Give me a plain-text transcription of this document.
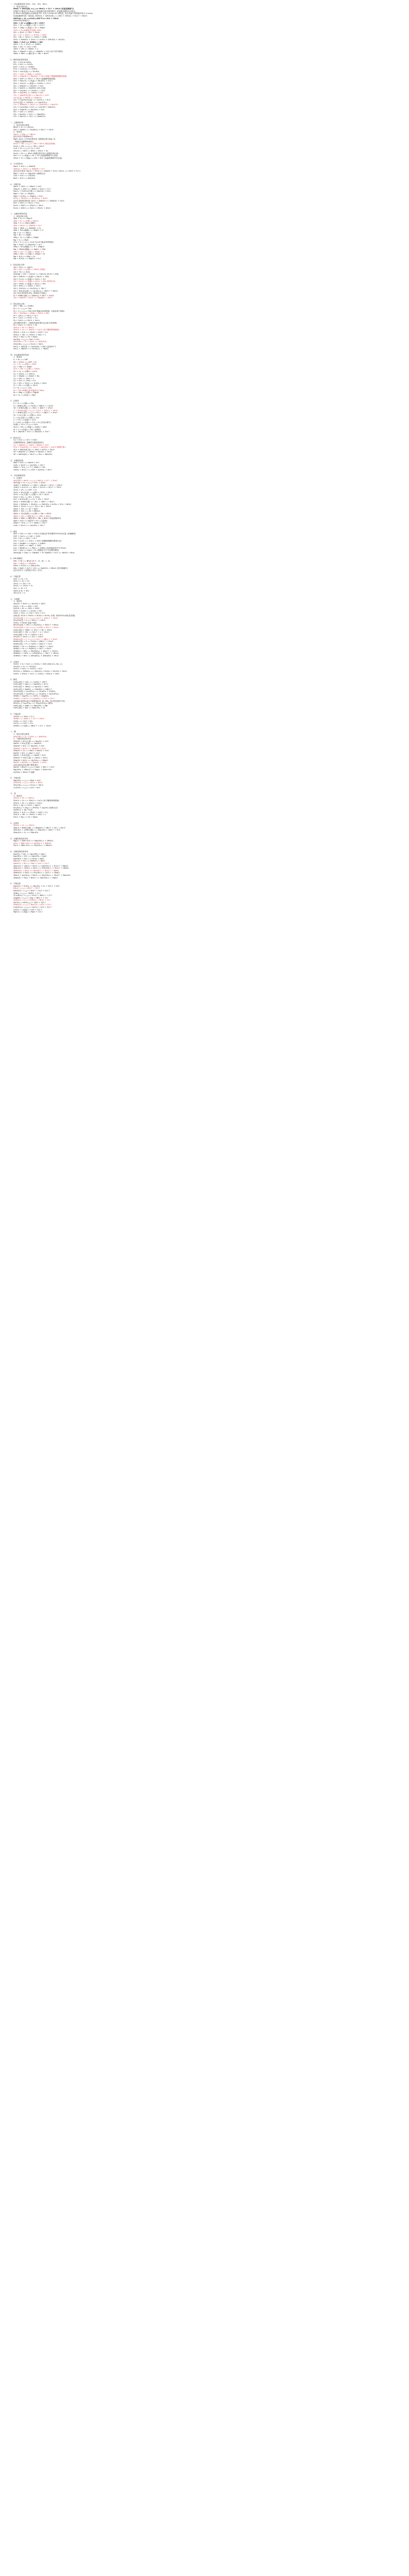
一、非金属氧化物 (SiO₂、SO₂、SO₃、NO₂)
1、氧化还原反应
MnO₂ + 4HCl(浓) ==△== MnCl₂ + Cl₂↑ + 2H₂O (实验室制氯气)
软锰矿(主要成分为 MnO₂)与浓盐酸共热可制得氯气, 若盐酸变稀则反应停止。
用 MnO₂ 和浓盐酸反应制取氯气时, 若有 0.2mol HCl 被氧化, 则生成氯气的物质的量为 0.1mol。
用高锰酸钾代替二氧化锰: 2KMnO₄ + 16HCl(浓) == 2KCl + 2MnCl₂ + 5Cl₂↑ + 8H₂O
4HCl(g) + O₂ ==CuCl₂,450℃== 2Cl₂ + 2H₂O
(Deacon法制氯气)
SiO₂ + 2C ==高温== Si + 2CO↑
SiO₂ + 3C ==高温== SiC + 2CO↑
SiO₂ + 2Mg ==高温== Si + 2MgO
2SO₂ + O₂ ⇌(催化剂,加热) 2SO₃
SO₂ + 2H₂S == 3S↓ + 2H₂O
SO₂ + Cl₂ + 2H₂O == H₂SO₄ + 2HCl
SO₂ + Br₂ + 2H₂O == H₂SO₄ + 2HBr
5SO₂ + 2KMnO₄ + 2H₂O == K₂SO₄ + 2MnSO₄ + 2H₂SO₄
3NO₂ + H₂O == 2HNO₃ + NO
4NO₂ + O₂ + 2H₂O == 4HNO₃
NO₂ + SO₂ == SO₃ + NO
2NO₂ + 2KI == 2KNO₂ + I₂
NO₂ + 2NaOH + NO == 2NaNO₂ + H₂O (用于尾气吸收)
4NH₃ + 6NO ==催化剂== 5N₂ + 6H₂O
2、酸性氧化物的性质
SO₂ + H₂O ⇌ H₂SO₃
SO₃ + H₂O == H₂SO₄
N₂O₅ + H₂O == 2HNO₃
P₂O₅ + H₂O(冷) == 2HPO₃
P₂O₅ + 3H₂O(热) == 2H₃PO₄
SiO₂ + CaO ==高温== CaSiO₃
SiO₂ + 2NaOH == Na₂SiO₃ + H₂O (常温下强碱缓慢腐蚀玻璃)
SiO₂ + 4HF == SiF₄↑ + 2H₂O (氢氟酸刻蚀玻璃)
SiO₂ + Na₂CO₃ ==高温== Na₂SiO₃ + CO₂↑
SiO₂ + CaCO₃ ==高温== CaSiO₃ + CO₂↑
SO₂ + 2NaOH == Na₂SO₃ + H₂O
SO₂ + NaOH == NaHSO₃ (SO₂过量)
SO₂ + Ca(OH)₂ == CaSO₃↓ + H₂O
SO₃ + Ca(OH)₂ == CaSO₄ + H₂O
CO₂ + 2NaOH(过量) == Na₂CO₃ + H₂O
CO₂(过量) + NaOH == NaHCO₃
CO₂ + Ca(OH)₂(过量) == CaCO₃↓ + H₂O
2CO₂(过量) + Ca(OH)₂ == Ca(HCO₃)₂
CO₂ + 2NaAlO₂ + 3H₂O == 2Al(OH)₃↓ + Na₂CO₃
CO₂ + C₆H₅ONa + H₂O == C₆H₅OH + NaHCO₃
SiO₂ + 2NaOH == Na₂SiO₃ + H₂O
SO₂ + CaO == CaSO₃
SO₂ + Na₂SO₃ + H₂O == 2NaHSO₃
CO₂ + Na₂CO₃ + H₂O == 2NaHCO₃
二、金属氧化物
1、低价态的还原性
6FeO + O₂ == 2Fe₃O₄
FeO + 4HNO₃ == Fe(NO₃)₃ + NO₂↑ + 2H₂O
2、氧化性
Na₂O₂ + 2Na == 2Na₂O
(此反应用于制备Na₂O)
MgO, Al₂O₃ 几乎没有氧化性, 很难被还原为Mg, Al
一般通过电解制Mg和Al。
Fe₂O₃ + 3H₂ ==△== 2Fe + 3H₂O (制还原铁粉)
Fe₃O₄ + 4H₂ ==△== 3Fe + 4H₂O
CuO + H₂ ==△== Cu + H₂O
2Fe₃O₄ + 16HI == 6FeI₂ + 8H₂O + 2I₂
Fe₂O₃ + Fe == 3FeO (炼钢过程中加入废钢作氧化剂)
FeO + C ==高温== Fe + CO (高温炼钢调节C含量)
2FeO + Si ==高温== 2Fe + SiO₂ (高温炼钢调节Si含量)
3、与水的作用
Na₂O + H₂O == 2NaOH
2Na₂O₂ + 2H₂O == 4NaOH + O₂↑
(此反应分两步: Na₂O₂ + 2H₂O == 2NaOH + H₂O₂; 2H₂O₂ == 2H₂O + O₂↑)
MgO + H₂O == Mg(OH)₂ (缓慢反应)
CaO + H₂O == Ca(OH)₂
BaO + H₂O == Ba(OH)₂
4、与酸作用
Na₂O + 2HCl == 2NaCl + H₂O
2Na₂O₂ + 4HCl == 4NaCl + 2H₂O + O₂↑
Na₂O₂ + H₂SO₄(冷,稀) == Na₂SO₄ + H₂O₂
MgO + SO₃ == MgSO₄
MgO + H₂SO₄ == MgSO₄ + H₂O
Al₂O₃ + 3H₂SO₄ == Al₂(SO₄)₃ + 3H₂O
(Al₂O₃是两性氧化物: Al₂O₃ + 2NaOH == 2NaAlO₂ + H₂O)
FeO + 2HCl == FeCl₂ + H₂O
Fe₂O₃ + 6HCl == 2FeCl₃ + 3H₂O
Fe₃O₄ + 8HCl == FeCl₂ + 2FeCl₃ + 4H₂O
三、金属单质的性质
1、钠及其化合物
4Na + O₂ == 2Na₂O
2Na + O₂ ==点燃== Na₂O₂
2Na + S == Na₂S (爆炸)
2Na + 2H₂O == 2NaOH + H₂↑
2Na + 2NH₃ == 2NaNH₂ + H₂
4Na + TiCl₄(熔融) == 4NaCl + Ti
Mg + Cl₂ == MgCl₂
Mg + Br₂ == MgBr₂
2Mg + O₂ ==点燃== 2MgO
Mg + S == MgS
2Cu + S ==△== Cu₂S (Cu₂S只能由单质制备)
Mg + 2H₂O == Mg(OH)₂ + H₂↑
2Mg + TiCl₄(熔融) == Ti + 2MgCl₂
Mg + 2RbCl(熔融) == MgCl₂ + 2Rb
2Mg + CO₂ ==点燃== 2MgO + C
2Mg + SiO₂ ==点燃== 2MgO + Si
Mg + H₂S == MgS + H₂
Mg + H₂SO₄ == MgSO₄ + H₂↑
2、铝及其化合物
2Al + 3Cl₂ == 2AlCl₃
4Al + 3O₂ ==点燃== 2Al₂O₃ (纯氧)
2Al + 3S == Al₂S₃
4Al(Hg) + 3O₂ + 2xH₂O == 2(Al₂O₃·xH₂O) + 4Hg
4Al + 3MnO₂ ==高温== 2Al₂O₃ + 3Mn
2Al + Cr₂O₃ ==高温== Al₂O₃ + 2Cr
2Al + Fe₂O₃ ==高温== Al₂O₃ + 2Fe (铝热反应)
2Al + 3FeO ==高温== Al₂O₃ + 3Fe
2Al + 6HCl == 2AlCl₃ + 3H₂↑
2Al + 3H₂SO₄ == Al₂(SO₄)₃ + 3H₂↑
2Al + 6H₂SO₄(浓) == Al₂(SO₄)₃ + 3SO₂↑ + 6H₂O
(Al, Fe在冷的浓H₂SO₄, 浓HNO₃中钝化)
Al + 4HNO₃(稀) == Al(NO₃)₃ + NO↑ + 2H₂O
2Al + 2NaOH + 2H₂O == 2NaAlO₂ + 3H₂↑
3、铁及其化合物
2Fe + 3Br₂ == 2FeBr₃
Fe + I₂ ==△== FeI₂
Fe + S ==△== FeS (FeS 既能由单质制备, 又能由离子制备)
3Fe + 4H₂O(g) ==高温== Fe₃O₄ + 4H₂
Fe + 2HCl == FeCl₂ + H₂↑
Fe + CuCl₂ == FeCl₂ + Cu
Fe + SnCl₄ == FeCl₂ + SnCl₂
(铁在酸性环境下, 不能把四氯化锡完全还原为单质锡)
Fe + SnCl₂ == FeCl₂ + Sn
2FeCl₃ + Fe == 3FeCl₂
2FeCl₃ + Cu == 2FeCl₂ + CuCl₂ (用于雕刻铜线路版)
2FeCl₃ + H₂S == 2FeCl₂ + 2HCl + S↓
2FeCl₃ + 2KI == 2FeCl₂ + 2KCl + I₂
FeCl₂ + Mg == Fe + MgCl₂
Fe(OH)₂ ==△== FeO + H₂O
4Fe(OH)₂ + O₂ + 2H₂O == 4Fe(OH)₃
2Fe(OH)₃ ==△== Fe₂O₃ + 3H₂O
FeCl₃ + 3KSCN == Fe(SCN)₃ + 3KCl (检验Fe³⁺)
FeCl₃ + 3NaOH == Fe(OH)₃↓ + 3NaCl
四、非金属单质的性质
1、氧化性
F₂ + H₂ == 2HF
2F₂ + 2H₂O == 4HF + O₂
Cl₂ + H₂ ==点燃== 2HCl
Cl₂ + 2Na == 2NaCl
3Cl₂ + 2Fe ==点燃== 2FeCl₃
Cl₂ + Cu ==点燃== CuCl₂
Cl₂ + 2FeCl₂ == 2FeCl₃
Cl₂ + 2NaBr == 2NaCl + Br₂
Cl₂ + 2KI == 2KCl + I₂
Cl₂ + H₂S == 2HCl + S↓
Cl₂ + SO₂ + 2H₂O == H₂SO₄ + 2HCl
O₂ + 2H₂ ==点燃== 2H₂O
S + H₂ ==△== H₂S
N₂ + 3H₂ ⇌(催化剂,高温高压) 2NH₃
N₂ + 3Mg ==点燃== Mg₃N₂
N₂ + O₂ ==放电== 2NO
2、还原性
S + O₂ ==点燃== SO₂
S + 6HNO₃(浓) == H₂SO₄ + 6NO₂↑ + 2H₂O
3S + 4HNO₃(稀) == 3SO₂ + 4NO↑ + 2H₂O
C + 2H₂SO₄(浓) ==△== CO₂↑ + 2SO₂↑ + 2H₂O
C + 4HNO₃(浓) ==△== CO₂↑ + 4NO₂↑ + 2H₂O
2C + O₂(少量) ==点燃== 2CO
C + O₂(足量) ==点燃== CO₂
C + CO₂ ==高温== 2CO
C + H₂O ==高温== CO + H₂ (生成水煤气)
Si(粗) + 2Cl₂ ==△== SiCl₄
SiCl₄ + 2H₂ ==高温== Si(纯) + 4HCl
Si + C ==高温== SiC (金刚砂)
Si + 2NaOH + H₂O == Na₂SiO₃ + 2H₂↑
3、歧化反应
Cl₂ + H₂O == HCl + HClO
(加酸抑制歧化, 加碱或光照促进歧化)
Cl₂ + 2NaOH == NaCl + NaClO + H₂O
2Cl₂ + 2Ca(OH)₂ == CaCl₂ + Ca(ClO)₂ + 2H₂O (制漂白粉)
3Cl₂ + 6KOH(热,浓) == 5KCl + KClO₃ + 3H₂O
3S + 6NaOH == 2Na₂S + Na₂SO₃ + 3H₂O
4P + 3KOH(浓) + 3H₂O == PH₃ + 3KH₂PO₂
五、金属氢化物
NaH + H₂O == NaOH + H₂↑
CaH₂ + 2H₂O == Ca(OH)₂ + 2H₂↑
4NaH + TiCl₄ == Ti + 4NaCl + 2H₂
LiAlH₄ + 4H₂O == LiOH + Al(OH)₃ + 4H₂↑
六、非金属氢化物
1、还原性
4HCl(浓) + MnO₂ ==△== MnCl₂ + Cl₂↑ + 2H₂O
4HCl(g) + O₂ ==△== 2Cl₂ + 2H₂O
16HCl + 2KMnO₄ == 2KCl + 2MnCl₂ + 5Cl₂↑ + 8H₂O
14HCl + K₂Cr₂O₇ == 2KCl + 2CrCl₃ + 3Cl₂↑ + 7H₂O
2H₂O + 2F₂ == 4HF + O₂
2H₂S + 3O₂(足量) ==点燃== 2SO₂ + 2H₂O
2H₂S + O₂(少量) ==点燃== 2S + 2H₂O
2H₂S + SO₂ == 3S↓ + 2H₂O
H₂S + H₂SO₄(浓) == S↓ + SO₂ + 2H₂O
3H₂S + 2HNO₃(稀) == 3S↓ + 2NO↑ + 4H₂O
5H₂S + 2KMnO₄ + 3H₂SO₄ == 2MnSO₄ + K₂SO₄ + 5S↓ + 8H₂O
2NH₃ + 3CuO ==△== 3Cu + N₂ + 3H₂O
2NH₃ + 3Cl₂ == N₂ + 6HCl
8NH₃ + 3Cl₂ == N₂ + 6NH₄Cl
4NH₃ + 3O₂(纯氧) ==点燃== 2N₂ + 6H₂O
4NH₃ + 5O₂ ==催化剂,△== 4NO + 6H₂O
4NH₃ + 6NO ==催化剂== 5N₂ + 6H₂O (用氨清除NO)
NaH + H₂O == NaOH + H₂↑ (生氢剂)
4NaH + TiCl₄ == Ti + 4NaCl + 2H₂↑
CaH₂ + 2H₂O == Ca(OH)₂ + 2H₂↑
2、酸性
4HF + SiO₂ == SiF₄ + 2H₂O (可测定矿样或钢样中SiO₂的含量, 玻璃雕刻)
2HF + CaCl₂ == CaF₂ + 2HCl
H₂S + Fe == FeS↓ + H₂↑
H₂S + CuCl₂ == CuS↓ + 2HCl (弱酸制强酸的典型反应)
H₂S + 2AgNO₃ == Ag₂S↓ + 2HNO₃
H₂S + HgCl₂ == HgS↓ + 2HCl
H₂S + Pb(NO₃)₂ == PbS↓ + 2HNO₃ (铅试纸检验空气中H₂S)
H₂S + 2Ag == Ag₂S + H₂ (银器在空气中变黑的原因)
2NH₃(液) + 2Na == 2NaNH₂ + H₂ (NaNH₂ + H₂O == NaOH + NH₃)
3、NH₃的碱性
NH₃ + HX == NH₄X (X: F、Cl、Br、I、S)
NH₃ + HNO₃ == NH₄NO₃
2NH₃ + H₂SO₄ == (NH₄)₂SO₄
NH₃ + NaCl + H₂O + CO₂ == NaHCO₃ + NH₄Cl (侯氏制碱法)
(此反应用于工业制备小苏打, 苏打)
4、不稳定性
2HF == H₂ + F₂
2HCl == H₂ + Cl₂
2H₂O == 2H₂ + O₂
2H₂O₂ == 2H₂O + O₂
H₂S == H₂ + S
2NH₃ ⇌ N₂ + 3H₂
2HI ⇌ H₂ + I₂
七、含氧酸
1、氧化性
4HClO₃ + 3H₂S == 3H₂SO₄ + 4HCl
HClO₃ + HI == HIO₃ + HCl
3HClO + HI == HIO₃ + 3HCl
HClO + H₂SO₃ == H₂SO₄ + HCl
HClO + H₂O₂ == HCl + H₂O + O₂↑
(氧化性: HClO > HClO₂ > HClO₃ > HClO₄, 但浓, 热的HClO₄氧化性很强)
2H₂SO₄(浓) + C ==△== CO₂↑ + 2SO₂↑ + 2H₂O
2H₂SO₄(浓) + S == 3SO₂↑ + 2H₂O
H₂SO₄ + Fe(Al) 室温下钝化
6H₂SO₄(浓) + 2Fe == Fe₂(SO₄)₃ + 3SO₂↑ + 6H₂O
2H₂SO₄(浓) + Cu ==△== CuSO₄ + SO₂↑ + 2H₂O
H₂SO₄(浓) + 2HBr == SO₂↑ + Br₂ + 2H₂O
H₂SO₄(浓) + 2HI == SO₂↑ + I₂ + 2H₂O
H₂SO₄(稀) + Fe == FeSO₄ + H₂↑
2H₂SO₃ + 2H₂S == 3S↓ + 2H₂O
4HNO₃(浓) + C ==△== CO₂↑ + 4NO₂↑ + 2H₂O
6HNO₃(浓) + S == H₂SO₄ + 6NO₂↑ + 2H₂O
5HNO₃(浓) + P == H₃PO₄ + 5NO₂↑ + H₂O
6HNO₃ + Fe == Fe(NO₃)₃ + 3NO₂↑ + 3H₂O
4HNO₃ + Fe == Fe(NO₃)₃ + NO↑ + 2H₂O
30HNO₃ + 8Fe == 8Fe(NO₃)₃ + 3N₂O↑ + 15H₂O
36HNO₃ + 10Fe == 10Fe(NO₃)₃ + 3N₂↑ + 18H₂O
30HNO₃ + 8Fe == 8Fe(NO₃)₃ + 3NH₄NO₃ + 9H₂O
2、还原性
H₂SO₃ + X₂ + H₂O == H₂SO₄ + 2HX (X表示Cl₂, Br₂, I₂)
2H₂SO₃ + O₂ == 2H₂SO₄
H₂SO₃ + H₂O₂ == H₂SO₄ + H₂O
5H₂SO₃ + 2KMnO₄ == 2MnSO₄ + K₂SO₄ + 2H₂SO₄ + 3H₂O
H₂SO₃ + 2FeCl₃ + H₂O == H₂SO₄ + 2FeCl₂ + 2HCl
3、酸性
H₂SO₄(浓) + CaF₂ == CaSO₄ + 2HF↑
H₂SO₄(浓) + NaCl == NaHSO₄ + HCl↑
H₂SO₄(浓) + 2NaCl == Na₂SO₄ + 2HCl
H₂SO₄(浓) + NaNO₃ == NaHSO₄ + HNO₃↑
3H₂SO₄(浓) + Ca₃(PO₄)₂ == 3CaSO₄ + 2H₃PO₄
2H₂SO₄(浓) + Ca₃(PO₄)₂ == 2CaSO₄ + Ca(H₂PO₄)₂
3HNO₃ + Ag₃PO₄ == H₃PO₄ + 3AgNO₃
2HNO₃ + CaCO₃ == Ca(NO₃)₂ + H₂O + CO₂↑
(用HNO₃和浓H₂SO₄不能制备H₂S, HI, HBr, SO₂等还原性气体)
4H₃PO₄ + Ca₃(PO₄)₂ == 3Ca(H₂PO₄)₂ (重钙)
H₃PO₄(浓) + NaBr == NaH₂PO₄ + HBr
H₃PO₄(浓) + NaI == NaH₂PO₄ + HI
4、不稳定性
2HClO == 2HCl + O₂↑
4HNO₃ == 4NO₂↑ + O₂↑ + 2H₂O
H₂SO₃ == H₂O + SO₂
H₂CO₃ == H₂O + CO₂
4HNO₃ ==光照== 4NO₂↑ + O₂↑ + 2H₂O
八、碱
1、低价态的还原性
4Fe(OH)₂ + O₂ + 2H₂O == 4Fe(OH)₃
2、与酸性物质的作用
2NaOH + SO₂(少量) == Na₂SO₃ + H₂O
NaOH + SO₂(足量) == NaHSO₃
2NaOH + SiO₂ == Na₂SiO₃ + H₂O
2NaOH + Al₂O₃ == 2NaAlO₂ + H₂O
2NaOH + Cl₂ == NaCl + NaClO + H₂O
NaOH + HCl == NaCl + H₂O
NaOH + H₂S(足量) == NaHS + H₂O
2NaOH + H₂S(少量) == Na₂S + 2H₂O
3NaOH + AlCl₃ == Al(OH)₃↓ + 3NaCl
NaOH + Al(OH)₃ == NaAlO₂ + 2H₂O
(AlCl₃和Al(OH)₃哪个酸性强?)
NaOH + NH₄Cl ==△== NaCl + NH₃↑ + H₂O
Mg(OH)₂ + 2NH₄Cl == MgCl₂ + 2NH₃·H₂O
Al(OH)₃ + NH₄Cl 不溶解
3、不稳定性
Mg(OH)₂ ==△== MgO + H₂O
2Al(OH)₃ ==△== Al₂O₃ + 3H₂O
2Fe(OH)₃ ==△== Fe₂O₃ + 3H₂O
Cu(OH)₂ ==△== CuO + H₂O
九、盐
1、氧化性
2FeCl₃ + Fe == 3FeCl₂
2FeCl₃ + Cu == 2FeCl₂ + CuCl₂ (用于雕刻铜线路版)
2FeCl₃ + Zn == 2FeCl₂ + ZnCl₂
FeCl₃ + Ag == FeCl₂ + AgCl↓
Fe₂(SO₄)₃ + 2Ag == 2FeSO₄ + Ag₂SO₄ (较难反应)
Fe(NO₃)₃ + Ag 不反应
2FeCl₃ + H₂S == 2FeCl₂ + 2HCl + S↓
2FeCl₃ + 2KI == 2FeCl₂ + 2KCl + I₂
FeCl₂ + Mg == Fe + MgCl₂
2、还原性
2FeCl₂ + Cl₂ == 2FeCl₃
3Na₂S + 8HNO₃(稀) == 6NaNO₃ + 2NO↑ + 3S↓ + 4H₂O
3Na₂SO₃ + 2HNO₃(稀) == 3Na₂SO₄ + 2NO↑ + H₂O
2Na₂SO₃ + O₂ == 2Na₂SO₄
3、与碱性物质的作用
MgCl₂ + 2NH₃·H₂O == Mg(OH)₂↓ + 2NH₄Cl
AlCl₃ + 3NH₃·H₂O == Al(OH)₃↓ + 3NH₄Cl
FeCl₃ + 3NH₃·H₂O == Fe(OH)₃↓ + 3NH₄Cl
4、与酸性物质的作用
Na₃PO₄ + HCl == Na₂HPO₄ + NaCl
Na₂HPO₄ + HCl == NaH₂PO₄ + NaCl
NaH₂PO₄ + HCl == H₃PO₄ + NaCl
Na₂CO₃ + HCl == NaHCO₃ + NaCl
NaHCO₃ + HCl == NaCl + H₂O + CO₂↑
3Na₂CO₃ + 2AlCl₃ + 3H₂O == 2Al(OH)₃↓ + 3CO₂↑ + 6NaCl
3Na₂CO₃ + 2FeCl₃ + 3H₂O == 2Fe(OH)₃↓ + 3CO₂↑ + 6NaCl
3NaHCO₃ + AlCl₃ == Al(OH)₃↓ + 3CO₂↑ + 3NaCl
3NaHCO₃ + FeCl₃ == Fe(OH)₃↓ + 3CO₂↑ + 3NaCl
3Na₂S + Al₂(SO₄)₃ + 6H₂O == 2Al(OH)₃↓ + 3H₂S↑ + 3Na₂SO₄
3NaAlO₂ + AlCl₃ + 6H₂O == 4Al(OH)₃↓ + 3NaCl
5、不稳定性
Na₂S₂O₃ + H₂SO₄ == Na₂SO₄ + S↓ + SO₂↑ + H₂O
NH₄Cl ==△== NH₃↑ + HCl↑
NH₄HCO₃ ==△== NH₃↑ + H₂O + CO₂↑
2KNO₃ ==△== 2KNO₂ + O₂↑
2Cu(NO₃)₂ ==△== 2CuO + 4NO₂↑ + O₂↑
2AgNO₃ ==△== 2Ag + 2NO₂↑ + O₂↑
2KMnO₄ ==△== K₂MnO₄ + MnO₂ + O₂↑
2KClO₃ ==MnO₂,△== 2KCl + 3O₂↑
2NaHCO₃ ==△== Na₂CO₃ + H₂O + CO₂↑
Ca(HCO₃)₂ ==△== CaCO₃ + H₂O + CO₂↑
CaCO₃ ==高温== CaO + CO₂↑
MgCO₃ ==高温== MgO + CO₂↑
